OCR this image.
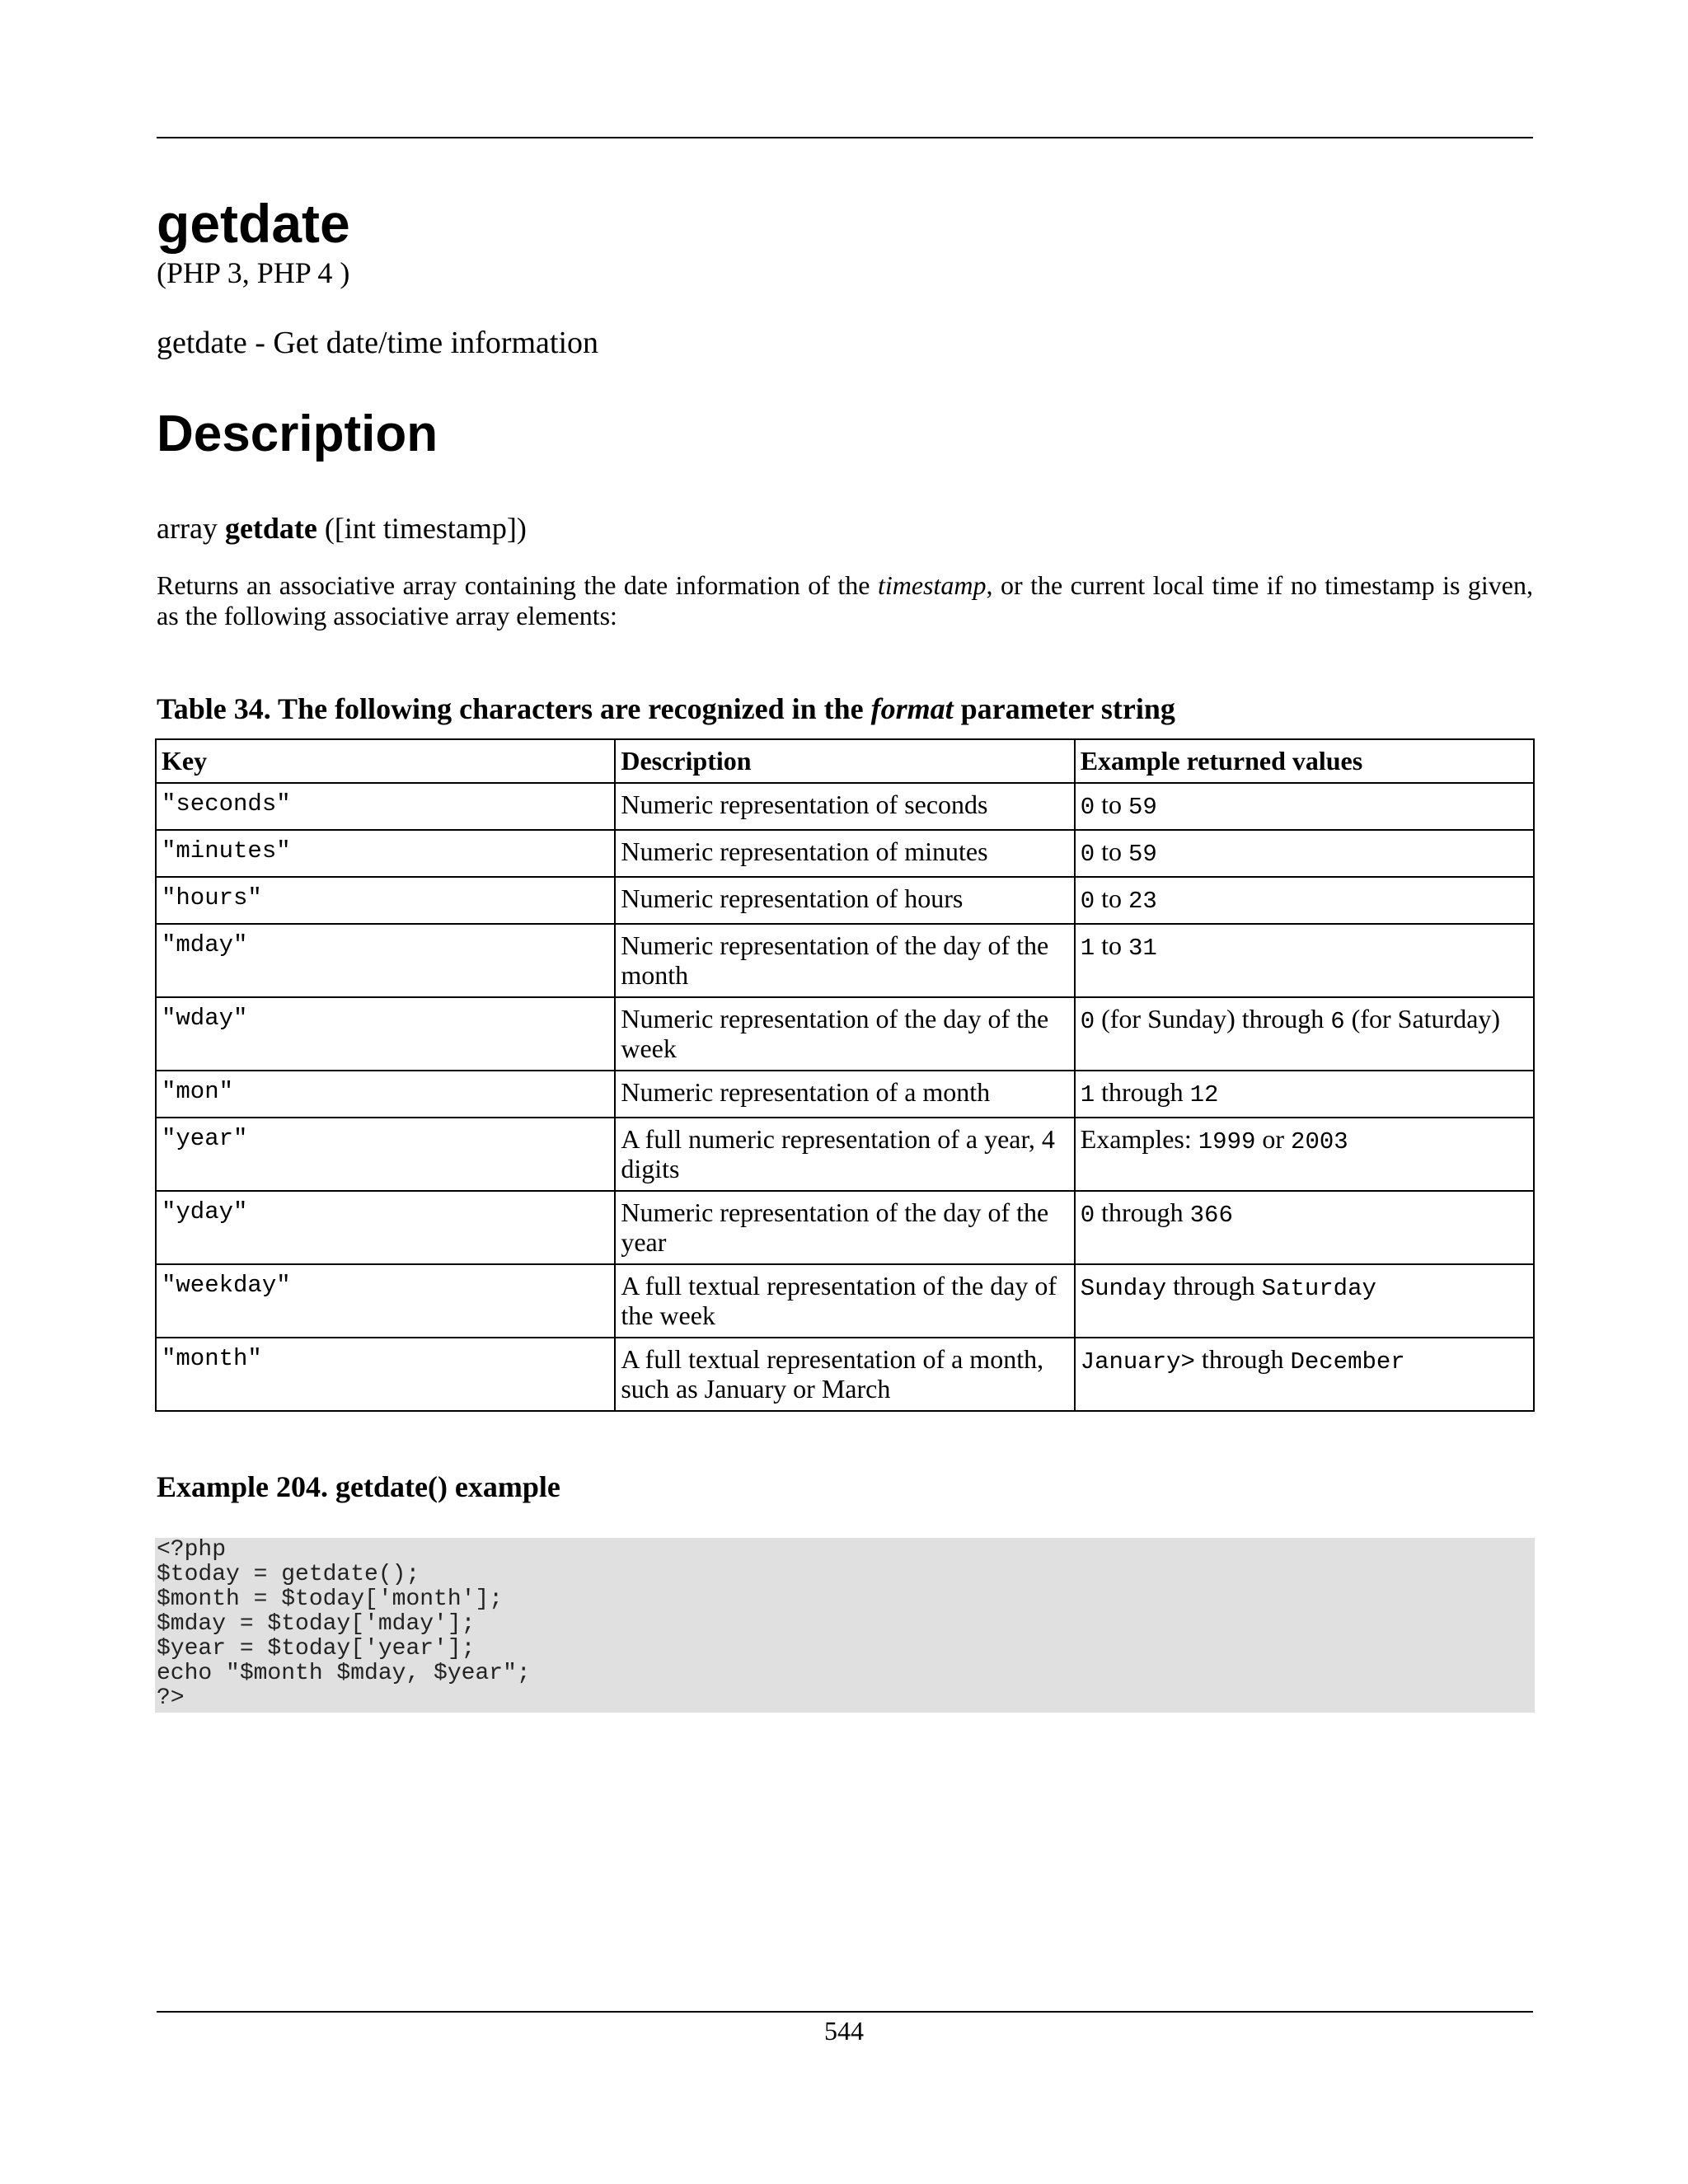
getdate
(PHP 3, PHP 4 )
getdate - Get date/time information
Description
array getdate ([int timestamp])
Returns an associative array containing the date information of the timestamp, or the current local time if no timestamp is given, as the following associative array elements:
Table 34. The following characters are recognized in the format parameter string
Key	Description	Example returned values
"seconds"	Numeric representation of seconds	0 to 59
"minutes"	Numeric representation of minutes	0 to 59
"hours"	Numeric representation of hours	0 to 23
"mday"	Numeric representation of the day of the month	1 to 31
"wday"	Numeric representation of the day of the week	0 (for Sunday) through 6 (for Saturday)
"mon"	Numeric representation of a month	1 through 12
"year"	A full numeric representation of a year, 4 digits	Examples: 1999 or 2003
"yday"	Numeric representation of the day of the year	0 through 366
"weekday"	A full textual representation of the day of the week	Sunday through Saturday
"month"	A full textual representation of a month, such as January or March	January> through December
Example 204. getdate() example
<?php
$today = getdate();
$month = $today['month'];
$mday = $today['mday'];
$year = $today['year'];
echo "$month $mday, $year";
?>
544
